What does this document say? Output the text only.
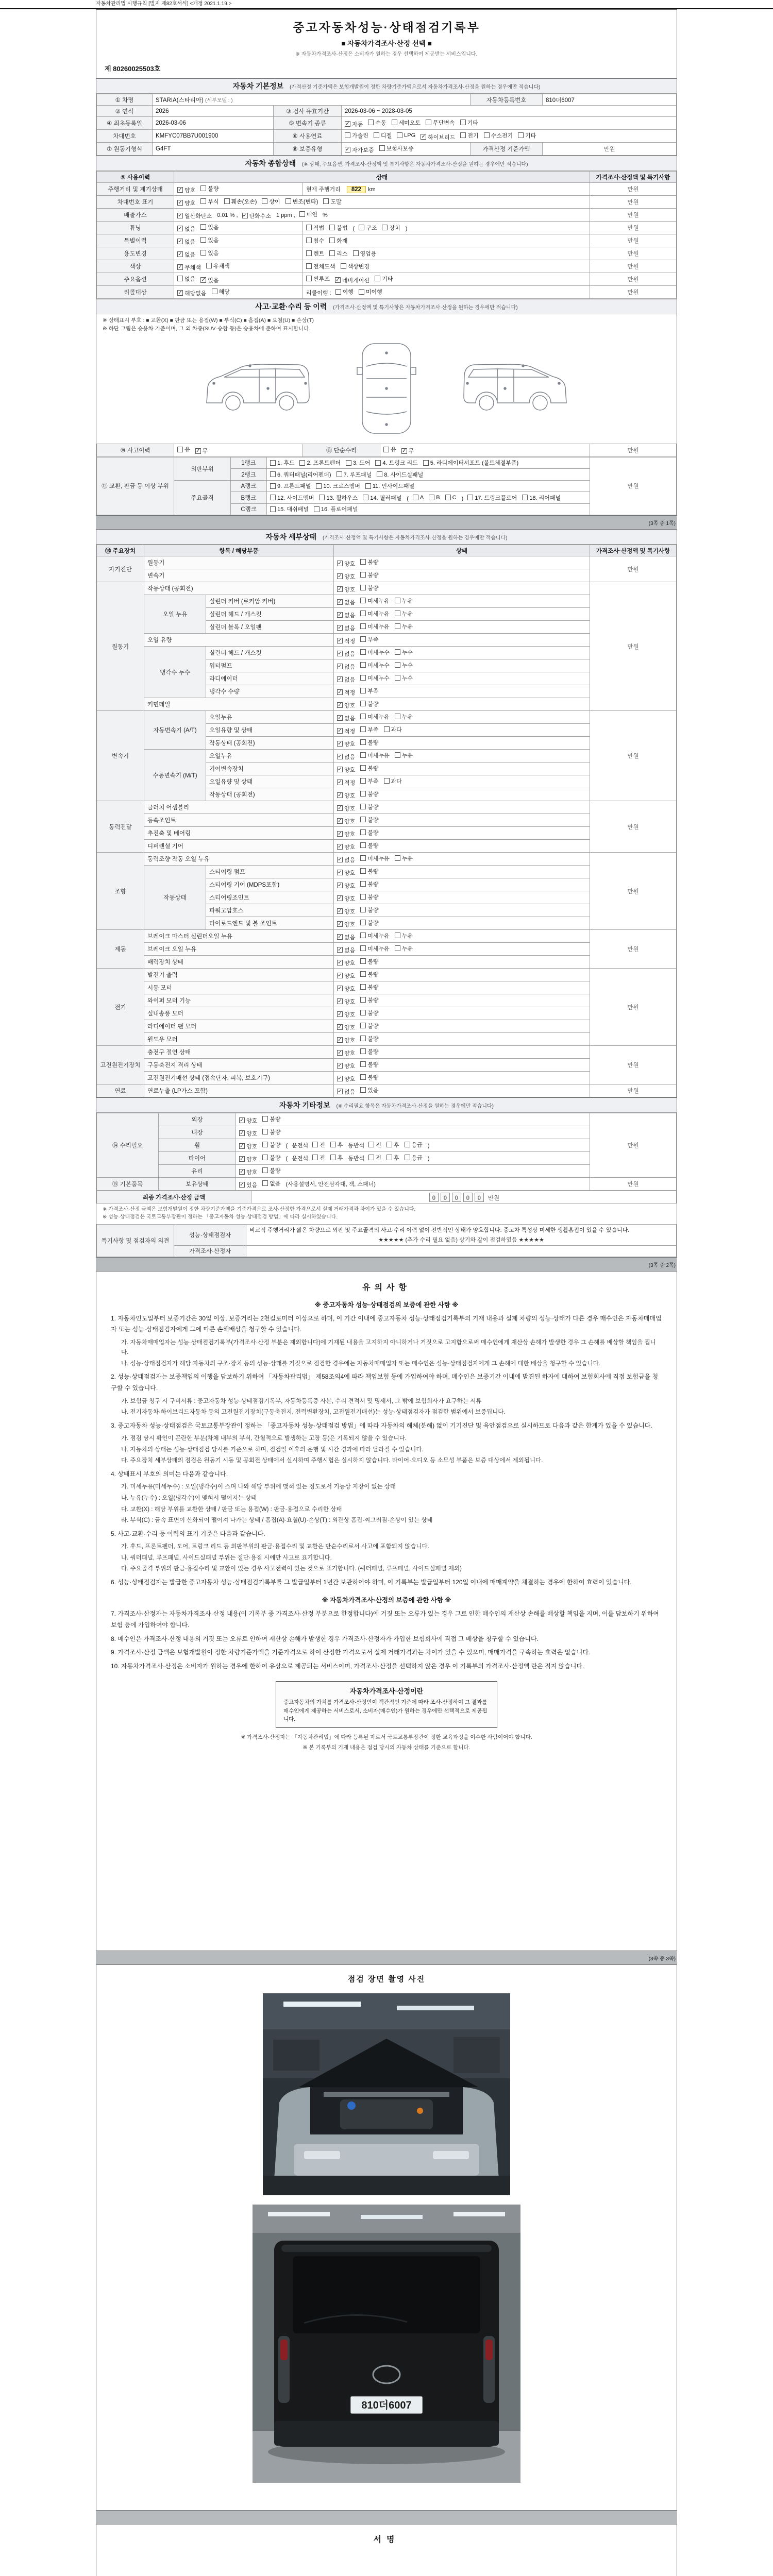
자동차관리법 시행규칙 [별지 제82호서식] <개정 2021.1.19.>
중고자동차성능·상태점검기록부
■ 자동차가격조사·산정 선택 ■
※ 자동차가격조사·산정은 소비자가 원하는 경우 선택하여 제공받는 서비스입니다.
제 80260025503호
자동차 기본정보 (가격산정 기준가액은 보험개발원이 정한 차량기준가액으로서 자동차가격조사·산정을 원하는 경우에만 적습니다)
① 차명	STARIA(스타리아) (세부모델 : )			자동차등록번호	810더6007
② 연식	2026	③ 검사 유효기간	2026-03-06 ~ 2028-03-05		
④ 최초등록일	2026-03-06	⑤ 변속기 종류	✓ 자동 수동 세미오토 무단변속 기타

차대번호	KMFYC07BB7U001900	⑥ 사용연료	가솔린 디젤 LPG ✓ 하이브리드 전기 수소전기 기타

⑦ 원동기형식	G4FT	⑧ 보증유형	✓ 자가보증 보험사보증	가격산정 기준가액	만원
자동차 종합상태 (※ 상태, 주요옵션, 가격조사·산정액 및 특기사항은 자동차가격조사·산정을 원하는 경우에만 적습니다)
⑨ 사용이력	상태		가격조사·산정액 및 특기사항
주행거리 및 계기상태	✓ 양호 불량	현재 주행거리 822 km	만원
차대번호 표기	✓ 양호 부식 훼손(오손) 상이 변조(변타) 도말	만원
배출가스	✓ 일산화탄소 0.01 % , ✓ 탄화수소 1 ppm , 매연 %	만원
튜닝	✓ 없음 있음	적법 불법 ( 구조 장치 )	만원
특별이력	✓ 없음 있음	침수 화재	만원
용도변경	✓ 없음 있음	렌트 리스 영업용	만원
색상	✓ 무채색 유채색	전체도색 색상변경	만원
주요옵션	없음 ✓ 있음	썬루프 ✓ 네비게이션 기타	만원
리콜대상	✓ 해당없음 해당	리콜이행 : 이행 미이행	만원
사고·교환·수리 등 이력 (가격조사·산정액 및 특기사항은 자동차가격조사·산정을 원하는 경우에만 적습니다)
※ 상태표시 부호 : ■ 교환(X) ■ 판금 또는 용접(W) ■ 부식(C) ■ 흠집(A) ■ 요철(U) ■ 손상(T)
※ 하단 그림은 승용차 기준이며, 그 외 차종(SUV·승합 등)은 승용차에 준하여 표시합니다.
⑩ 사고이력	유 ✓ 무	⑪ 단순수리	유 ✓ 무	만원
⑫ 교환, 판금 등 이상 부위	외판부위	1랭크	1. 후드 2. 프론트펜더 3. 도어 4. 트렁크 리드 5. 라디에이터서포트 (볼트체결부품)	만원
		2랭크	6. 쿼터패널(리어펜더) 7. 루프패널 8. 사이드실패널	

	주요골격	A랭크	9. 프론트패널 10. 크로스멤버 11. 인사이드패널	

B랭크	12. 사이드멤버 13. 휠하우스 14. 필러패널 ( A B C ) 17. 트렁크플로어 18. 리어패널

		C랭크	15. 대쉬패널 16. 플로어패널	
(3쪽 중 1쪽)
자동차 세부상태 (가격조사·산정액 및 특기사항은 자동차가격조사·산정을 원하는 경우에만 적습니다)
⑬ 주요장치	항목 / 해당부품		상태	가격조사·산정액 및 특기사항
자기진단	원동기		✓ 양호 불량	만원
	변속기		✓ 양호 불량	

원동기	작동상태 (공회전)		✓ 양호 불량	만원
	오일 누유	실린더 커버 (로커암 커버)	✓ 없음 미세누유 누유	

		실린더 헤드 / 개스킷	✓ 없음 미세누유 누유	

		실린더 블록 / 오일팬	✓ 없음 미세누유 누유	

	오일 유량		✓ 적정 부족	

	냉각수 누수	실린더 헤드 / 개스킷	✓ 없음 미세누수 누수	

		워터펌프	✓ 없음 미세누수 누수	

		라디에이터	✓ 없음 미세누수 누수	

		냉각수 수량	✓ 적정 부족	

	커먼레일		✓ 양호 불량	

변속기	자동변속기 (A/T)	오일누유	✓ 없음 미세누유 누유	만원
		오일유량 및 상태	✓ 적정 부족 과다	

		작동상태 (공회전)	✓ 양호 불량	

	수동변속기 (M/T)	오일누유	✓ 없음 미세누유 누유	

		기어변속장치	✓ 양호 불량	

		오일유량 및 상태	✓ 적정 부족 과다	

		작동상태 (공회전)	✓ 양호 불량	

동력전달	클러치 어셈블리		✓ 양호 불량	만원
	등속조인트		✓ 양호 불량	

	추진축 및 베어링		✓ 양호 불량	

	디퍼렌셜 기어		✓ 양호 불량	

조향	동력조향 작동 오일 누유		✓ 없음 미세누유 누유	만원
	작동상태	스티어링 펌프	✓ 양호 불량	

		스티어링 기어 (MDPS포함)	✓ 양호 불량	

		스티어링조인트	✓ 양호 불량	

		파워고압호스	✓ 양호 불량	

		타이로드엔드 및 볼 조인트	✓ 양호 불량	

제동	브레이크 마스터 실린더오일 누유		✓ 없음 미세누유 누유	만원
	브레이크 오일 누유		✓ 없음 미세누유 누유	

	배력장치 상태		✓ 양호 불량	

전기	발전기 출력		✓ 양호 불량	만원
	시동 모터		✓ 양호 불량	

	와이퍼 모터 기능		✓ 양호 불량	

	실내송풍 모터		✓ 양호 불량	

	라디에이터 팬 모터		✓ 양호 불량	

	윈도우 모터		✓ 양호 불량	

고전원전기장치	충전구 절연 상태		✓ 양호 불량	만원
	구동축전지 격리 상태		✓ 양호 불량	

	고전원전기배선 상태 (접속단자, 피복, 보호기구)		✓ 양호 불량	

연료	연료누출 (LP가스 포함)		✓ 없음 있음	만원
자동차 기타정보 (※ 수리필요 항목은 자동차가격조사·산정을 원하는 경우에만 적습니다)
⑭ 수리필요	외장	✓ 양호 불량	만원
	내장	✓ 양호 불량	

휠	✓ 양호 불량 ( 운전석 전 후 동반석 전 후 응급 )
타이어	✓ 양호 불량 ( 운전석 전 후 동반석 전 후 응급 )
	유리	✓ 양호 불량	

⑮ 기본품목	보유상태	✓ 있음 없음 (사용설명서, 안전삼각대, 잭, 스패너)	만원
최종 가격조사·산정 금액	0 0 0 0 0 만원
※ 가격조사·산정 금액은 보험개발원이 정한 차량기준가액을 기준가격으로 조사·산정한 가격으로서 실제 거래가격과 차이가 있을 수 있습니다.
※ 성능·상태점검은 국토교통부장관이 정하는 「중고자동차 성능·상태점검 방법」에 따라 실시하였습니다.
특기사항 및 점검자의 의견	성능·상태점검자	비교적 주행거리가 짧은 차량으로 외판 및 주요골격의 사고·수리 이력 없이 전반적인 상태가 양호합니다. 중고차 특성상 미세한 생활흠집이 있을 수 있습니다.
★★★★★ (추가 수리 필요 없음) 상기와 같이 점검하였음 ★★★★★

	가격조사·산정자	
(3쪽 중 2쪽)
유의사항
※ 중고자동차 성능·상태점검의 보증에 관한 사항 ※
1. 자동차인도일부터 보증기간은 30일 이상, 보증거리는 2천킬로미터 이상으로 하며, 이 기간 이내에 중고자동차 성능·상태점검기록부의 기재 내용과 실제 차량의 성능·상태가 다른 경우 매수인은 자동차매매업자 또는 성능·상태점검자에게 그에 따른 손해배상을 청구할 수 있습니다.
가. 자동차매매업자는 성능·상태점검기록부(가격조사·산정 부분은 제외합니다)에 기재된 내용을 고지하지 아니하거나 거짓으로 고지함으로써 매수인에게 재산상 손해가 발생한 경우 그 손해를 배상할 책임을 집니다.
나. 성능·상태점검자가 해당 자동차의 구조·장치 등의 성능·상태를 거짓으로 점검한 경우에는 자동차매매업자 또는 매수인은 성능·상태점검자에게 그 손해에 대한 배상을 청구할 수 있습니다.
2. 성능·상태점검자는 보증책임의 이행을 담보하기 위하여 「자동차관리법」 제58조의4에 따라 책임보험 등에 가입하여야 하며, 매수인은 보증기간 이내에 발견된 하자에 대하여 보험회사에 직접 보험금을 청구할 수 있습니다.
가. 보험금 청구 시 구비서류 : 중고자동차 성능·상태점검기록부, 자동차등록증 사본, 수리 견적서 및 명세서, 그 밖에 보험회사가 요구하는 서류
나. 전기자동차·하이브리드자동차 등의 고전원전기장치(구동축전지, 전력변환장치, 고전원전기배선)는 성능·상태점검자가 점검한 범위에서 보증됩니다.
3. 중고자동차 성능·상태점검은 국토교통부장관이 정하는 「중고자동차 성능·상태점검 방법」에 따라 자동차의 해체(분해) 없이 기기진단 및 육안점검으로 실시하므로 다음과 같은 한계가 있을 수 있습니다.
가. 점검 당시 확인이 곤란한 부분(차체 내부의 부식, 간헐적으로 발생하는 고장 등)은 기록되지 않을 수 있습니다.
나. 자동차의 상태는 성능·상태점검 당시를 기준으로 하며, 점검일 이후의 운행 및 시간 경과에 따라 달라질 수 있습니다.
다. 주요장치 세부상태의 점검은 원동기 시동 및 공회전 상태에서 실시하며 주행시험은 실시하지 않습니다. 타이어·오디오 등 소모성 부품은 보증 대상에서 제외됩니다.
4. 상태표시 부호의 의미는 다음과 같습니다.
가. 미세누유(미세누수) : 오일(냉각수)이 스며 나와 해당 부위에 맺혀 있는 정도로서 기능상 지장이 없는 상태
나. 누유(누수) : 오일(냉각수)이 맺혀서 떨어지는 상태
다. 교환(X) : 해당 부위를 교환한 상태 / 판금 또는 용접(W) : 판금·용접으로 수리한 상태
라. 부식(C) : 금속 표면이 산화되어 떨어져 나가는 상태 / 흠집(A)·요철(U)·손상(T) : 외관상 흠집·찌그러짐·손상이 있는 상태
5. 사고·교환·수리 등 이력의 표기 기준은 다음과 같습니다.
가. 후드, 프론트펜더, 도어, 트렁크 리드 등 외판부위의 판금·용접수리 및 교환은 단순수리로서 사고에 포함되지 않습니다.
나. 쿼터패널, 루프패널, 사이드실패널 부위는 절단·용접 시에만 사고로 표기합니다.
다. 주요골격 부위의 판금·용접수리 및 교환이 있는 경우 사고전력이 있는 것으로 표기합니다. (쿼터패널, 루프패널, 사이드실패널 제외)
6. 성능·상태점검자는 발급한 중고자동차 성능·상태점검기록부를 그 발급일부터 1년간 보관하여야 하며, 이 기록부는 발급일부터 120일 이내에 매매계약을 체결하는 경우에 한하여 효력이 있습니다.
※ 자동차가격조사·산정의 보증에 관한 사항 ※
7. 가격조사·산정자는 자동차가격조사·산정 내용(이 기록부 중 가격조사·산정 부분으로 한정합니다)에 거짓 또는 오류가 있는 경우 그로 인한 매수인의 재산상 손해를 배상할 책임을 지며, 이를 담보하기 위하여 보험 등에 가입하여야 합니다.
8. 매수인은 가격조사·산정 내용의 거짓 또는 오류로 인하여 재산상 손해가 발생한 경우 가격조사·산정자가 가입한 보험회사에 직접 그 배상을 청구할 수 있습니다.
9. 가격조사·산정 금액은 보험개발원이 정한 차량기준가액을 기준가격으로 하여 산정한 가격으로서 실제 거래가격과는 차이가 있을 수 있으며, 매매가격을 구속하는 효력은 없습니다.
10. 자동차가격조사·산정은 소비자가 원하는 경우에 한하여 유상으로 제공되는 서비스이며, 가격조사·산정을 선택하지 않은 경우 이 기록부의 가격조사·산정액 란은 적지 않습니다.
자동차가격조사·산정이란
중고자동차의 가치를 가격조사·산정인이 객관적인 기준에 따라 조사·산정하여 그 결과를 매수인에게 제공하는 서비스로서, 소비자(매수인)가 원하는 경우에만 선택적으로 제공됩니다.
※ 가격조사·산정자는 「자동차관리법」에 따라 등록된 자로서 국토교통부장관이 정한 교육과정을 이수한 사람이어야 합니다.
※ 본 기록부의 기재 내용은 점검 당시의 자동차 상태를 기준으로 합니다.
(3쪽 중 3쪽)
점검 장면 촬영 사진
810더6007
서명
